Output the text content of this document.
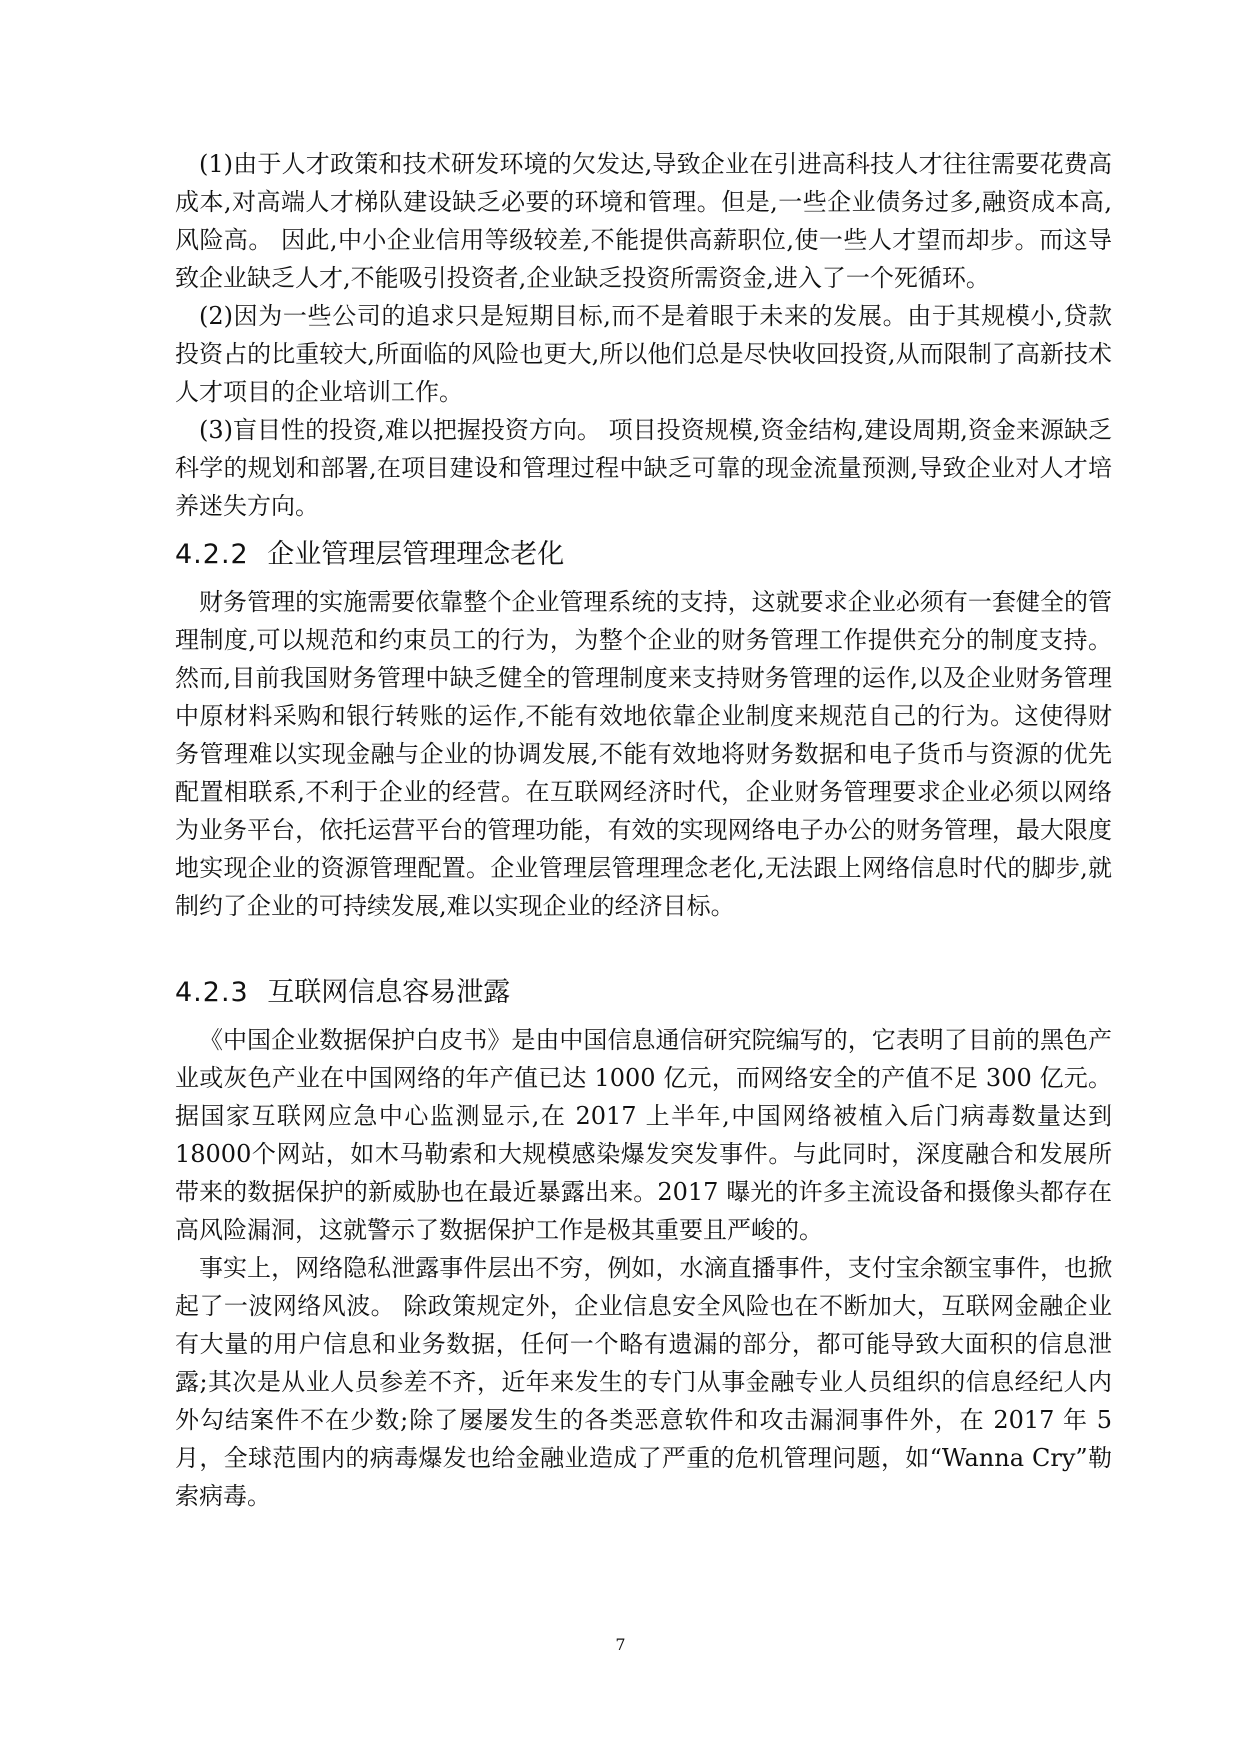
(1)由于人才政策和技术研发环境的欠发达,导致企业在引进高科技人才往往需要花费高成本,对高端人才梯队建设缺乏必要的环境和管理。但是,一些企业债务过多,融资成本高,风险高。 因此,中小企业信用等级较差,不能提供高薪职位,使一些人才望而却步。而这导致企业缺乏人才,不能吸引投资者,企业缺乏投资所需资金,进入了一个死循环。

(2)因为一些公司的追求只是短期目标,而不是着眼于未来的发展。由于其规模小,贷款投资占的比重较大,所面临的风险也更大,所以他们总是尽快收回投资,从而限制了高新技术人才项目的企业培训工作。

(3)盲目性的投资,难以把握投资方向。 项目投资规模,资金结构,建设周期,资金来源缺乏科学的规划和部署,在项目建设和管理过程中缺乏可靠的现金流量预测,导致企业对人才培养迷失方向。

4.2.2 企业管理层管理理念老化

财务管理的实施需要依靠整个企业管理系统的支持，这就要求企业必须有一套健全的管理制度,可以规范和约束员工的行为，为整个企业的财务管理工作提供充分的制度支持。然而,目前我国财务管理中缺乏健全的管理制度来支持财务管理的运作,以及企业财务管理中原材料采购和银行转账的运作,不能有效地依靠企业制度来规范自己的行为。这使得财务管理难以实现金融与企业的协调发展,不能有效地将财务数据和电子货币与资源的优先配置相联系,不利于企业的经营。在互联网经济时代，企业财务管理要求企业必须以网络为业务平台，依托运营平台的管理功能，有效的实现网络电子办公的财务管理，最大限度地实现企业的资源管理配置。企业管理层管理理念老化,无法跟上网络信息时代的脚步,就制约了企业的可持续发展,难以实现企业的经济目标。

4.2.3 互联网信息容易泄露

《中国企业数据保护白皮书》是由中国信息通信研究院编写的，它表明了目前的黑色产业或灰色产业在中国网络的年产值已达 1000 亿元，而网络安全的产值不足 300 亿元。据国家互联网应急中心监测显示,在 2017 上半年,中国网络被植入后门病毒数量达到 18000个网站，如木马勒索和大规模感染爆发突发事件。与此同时，深度融合和发展所带来的数据保护的新威胁也在最近暴露出来。2017 曝光的许多主流设备和摄像头都存在高风险漏洞，这就警示了数据保护工作是极其重要且严峻的。

事实上，网络隐私泄露事件层出不穷，例如，水滴直播事件，支付宝余额宝事件，也掀起了一波网络风波。 除政策规定外，企业信息安全风险也在不断加大，互联网金融企业有大量的用户信息和业务数据，任何一个略有遗漏的部分，都可能导致大面积的信息泄露;其次是从业人员参差不齐，近年来发生的专门从事金融专业人员组织的信息经纪人内外勾结案件不在少数;除了屡屡发生的各类恶意软件和攻击漏洞事件外，在 2017 年 5 月，全球范围内的病毒爆发也给金融业造成了严重的危机管理问题，如“Wanna Cry”勒索病毒。

7
